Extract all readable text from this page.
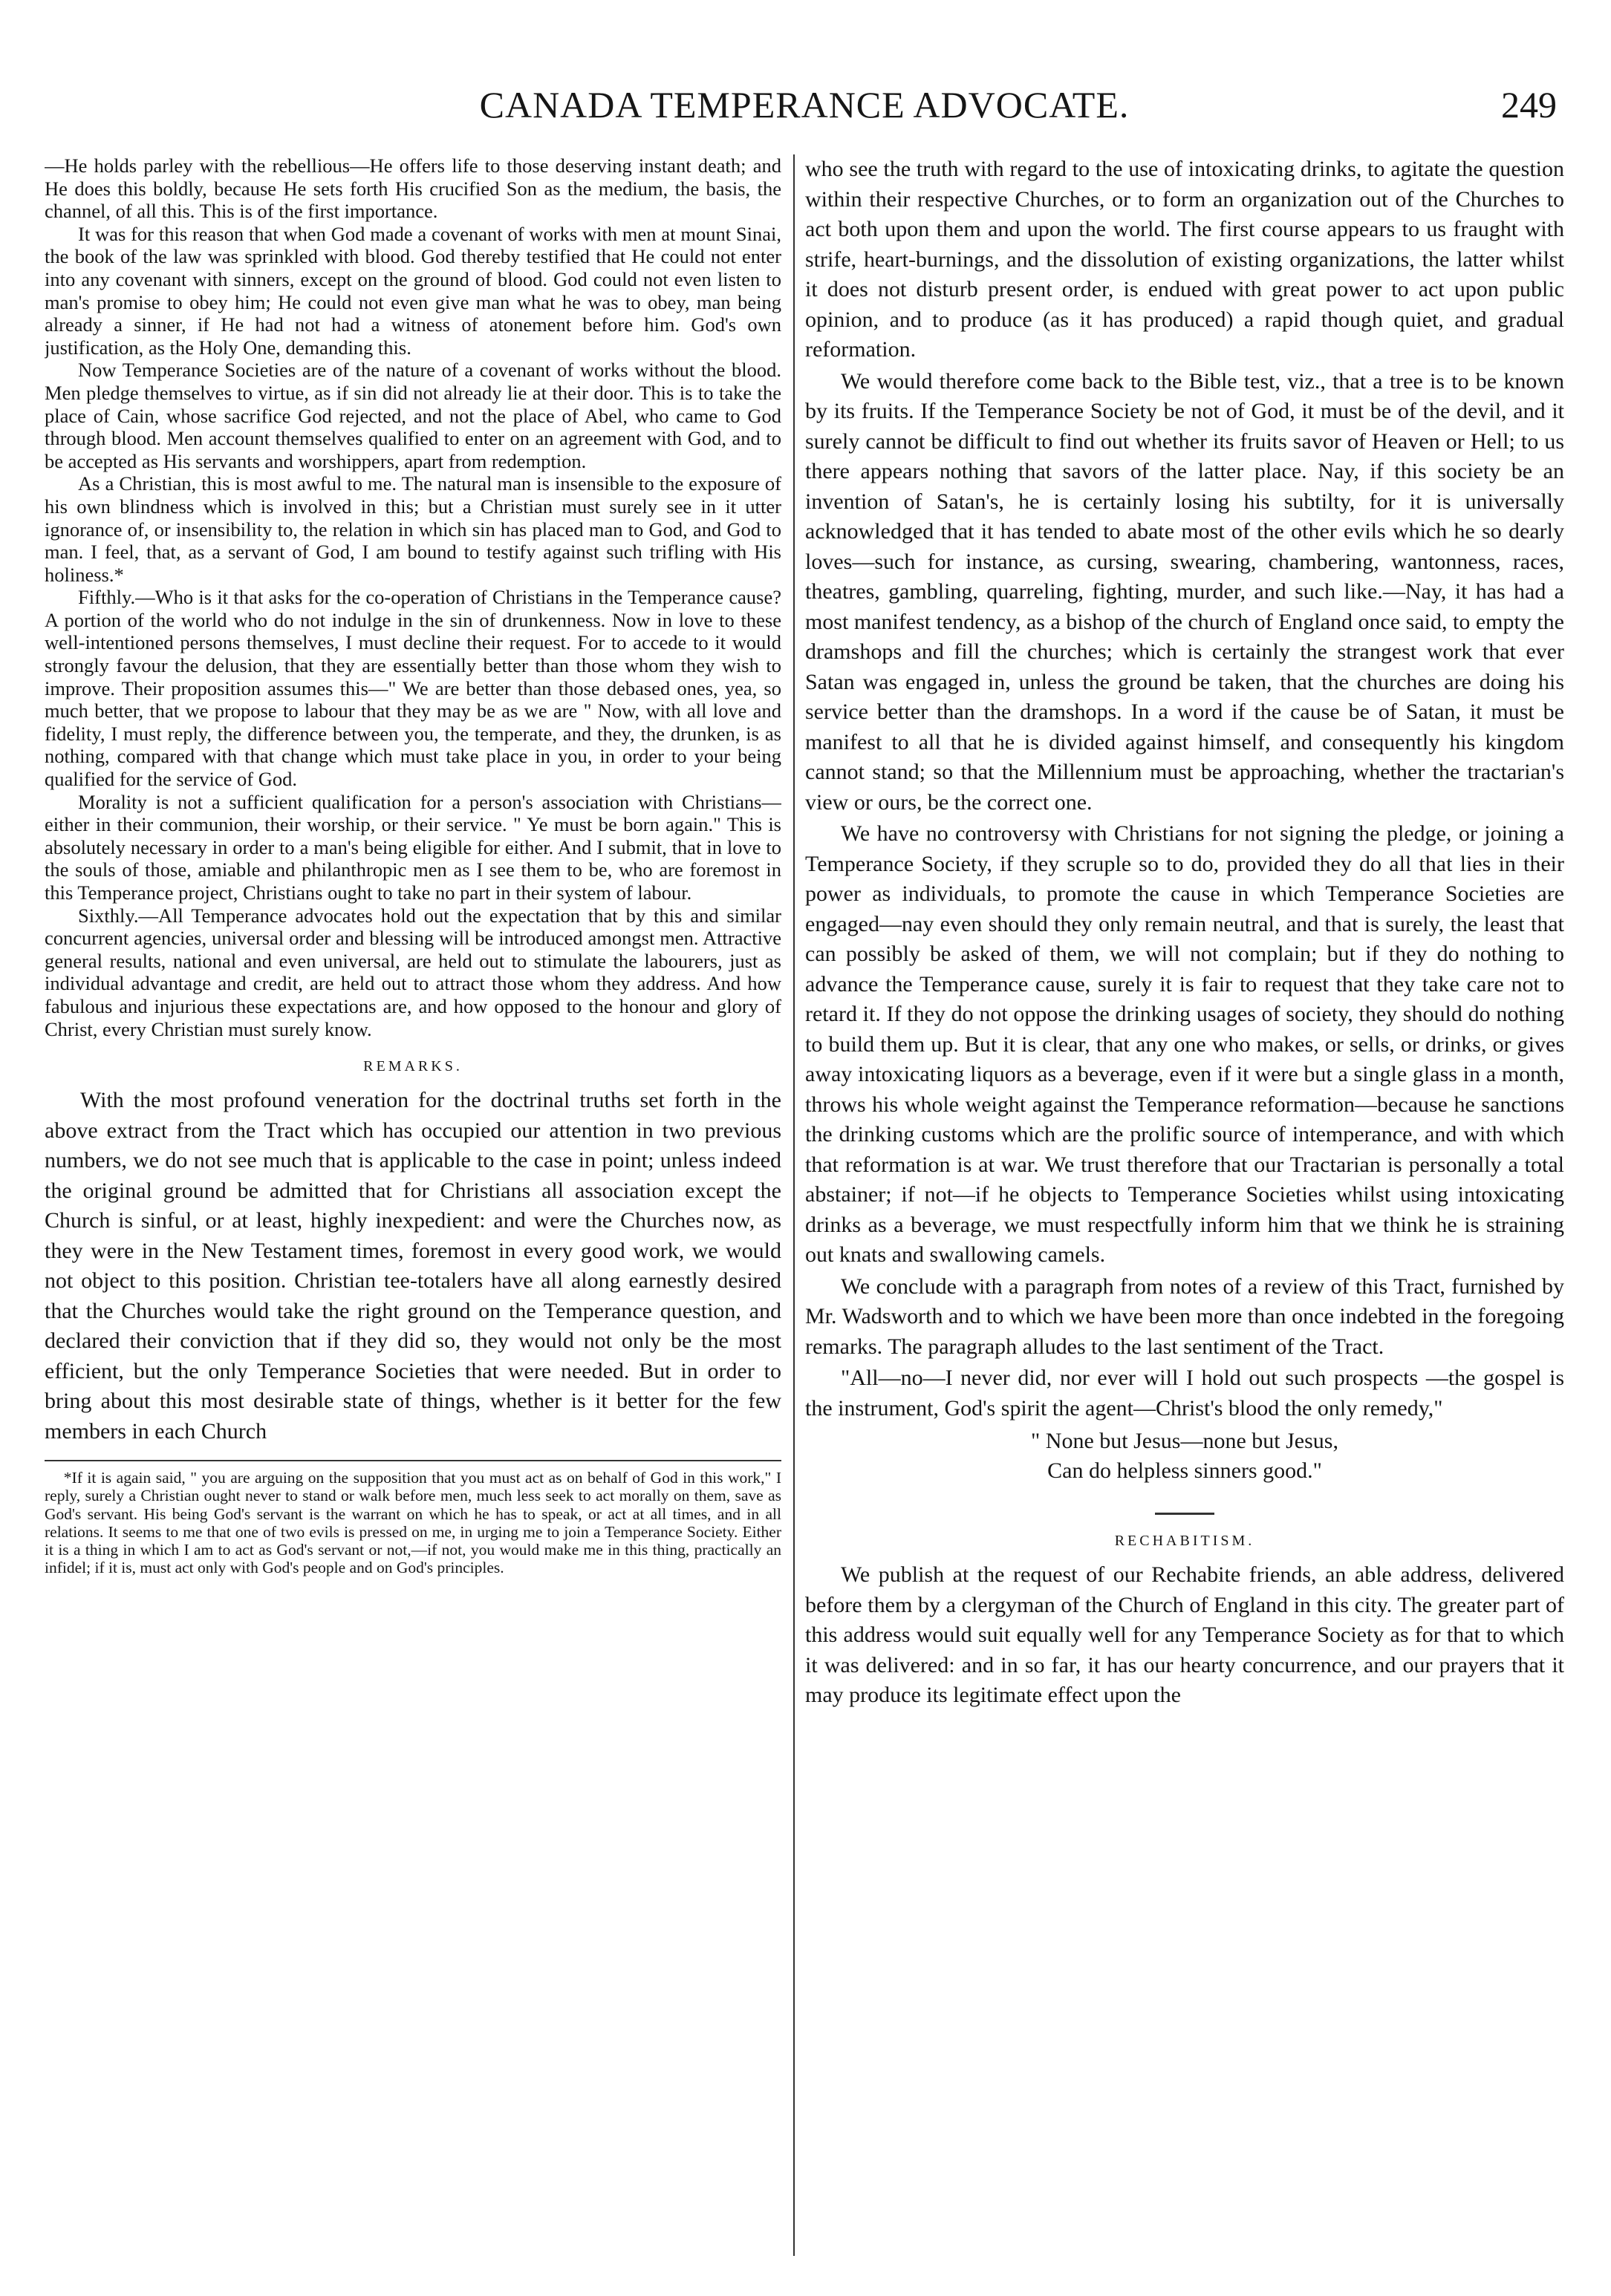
CANADA TEMPERANCE ADVOCATE.	249

—He holds parley with the rebellious—He offers life to those deserving instant death; and He does this boldly, because He sets forth His crucified Son as the medium, the basis, the channel, of all this. This is of the first importance.

It was for this reason that when God made a covenant of works with men at mount Sinai, the book of the law was sprinkled with blood. God thereby testified that He could not enter into any covenant with sinners, except on the ground of blood. God could not even listen to man's promise to obey him; He could not even give man what he was to obey, man being already a sinner, if He had not had a witness of atonement before him. God's own justification, as the Holy One, demanding this.

Now Temperance Societies are of the nature of a covenant of works without the blood. Men pledge themselves to virtue, as if sin did not already lie at their door. This is to take the place of Cain, whose sacrifice God rejected, and not the place of Abel, who came to God through blood. Men account themselves qualified to enter on an agreement with God, and to be accepted as His servants and worshippers, apart from redemption.

As a Christian, this is most awful to me. The natural man is insensible to the exposure of his own blindness which is involved in this; but a Christian must surely see in it utter ignorance of, or insensibility to, the relation in which sin has placed man to God, and God to man. I feel, that, as a servant of God, I am bound to testify against such trifling with His holiness.*

Fifthly.—Who is it that asks for the co-operation of Christians in the Temperance cause? A portion of the world who do not indulge in the sin of drunkenness. Now in love to these well-intentioned persons themselves, I must decline their request. For to accede to it would strongly favour the delusion, that they are essentially better than those whom they wish to improve. Their proposition assumes this—" We are better than those debased ones, yea, so much better, that we propose to labour that they may be as we are " Now, with all love and fidelity, I must reply, the difference between you, the temperate, and they, the drunken, is as nothing, compared with that change which must take place in you, in order to your being qualified for the service of God.

Morality is not a sufficient qualification for a person's association with Christians—either in their communion, their worship, or their service. " Ye must be born again." This is absolutely necessary in order to a man's being eligible for either. And I submit, that in love to the souls of those, amiable and philanthropic men as I see them to be, who are foremost in this Temperance project, Christians ought to take no part in their system of labour.

Sixthly.—All Temperance advocates hold out the expectation that by this and similar concurrent agencies, universal order and blessing will be introduced amongst men. Attractive general results, national and even universal, are held out to stimulate the labourers, just as individual advantage and credit, are held out to attract those whom they address. And how fabulous and injurious these expectations are, and how opposed to the honour and glory of Christ, every Christian must surely know.

REMARKS.

With the most profound veneration for the doctrinal truths set forth in the above extract from the Tract which has occupied our attention in two previous numbers, we do not see much that is applicable to the case in point; unless indeed the original ground be admitted that for Christians all association except the Church is sinful, or at least, highly inexpedient: and were the Churches now, as they were in the New Testament times, foremost in every good work, we would not object to this position. Christian tee-totalers have all along earnestly desired that the Churches would take the right ground on the Temperance question, and declared their conviction that if they did so, they would not only be the most efficient, but the only Temperance Societies that were needed. But in order to bring about this most desirable state of things, whether is it better for the few members in each Church

*If it is again said, " you are arguing on the supposition that you must act as on behalf of God in this work," I reply, surely a Christian ought never to stand or walk before men, much less seek to act morally on them, save as God's servant. His being God's servant is the warrant on which he has to speak, or act at all times, and in all relations. It seems to me that one of two evils is pressed on me, in urging me to join a Temperance Society. Either it is a thing in which I am to act as God's servant or not,—if not, you would make me in this thing, practically an infidel; if it is, must act only with God's people and on God's principles.

who see the truth with regard to the use of intoxicating drinks, to agitate the question within their respective Churches, or to form an organization out of the Churches to act both upon them and upon the world. The first course appears to us fraught with strife, heart-burnings, and the dissolution of existing organizations, the latter whilst it does not disturb present order, is endued with great power to act upon public opinion, and to produce (as it has produced) a rapid though quiet, and gradual reformation.

We would therefore come back to the Bible test, viz., that a tree is to be known by its fruits. If the Temperance Society be not of God, it must be of the devil, and it surely cannot be difficult to find out whether its fruits savor of Heaven or Hell; to us there appears nothing that savors of the latter place. Nay, if this society be an invention of Satan's, he is certainly losing his subtilty, for it is universally acknowledged that it has tended to abate most of the other evils which he so dearly loves—such for instance, as cursing, swearing, chambering, wantonness, races, theatres, gambling, quarreling, fighting, murder, and such like.—Nay, it has had a most manifest tendency, as a bishop of the church of England once said, to empty the dramshops and fill the churches; which is certainly the strangest work that ever Satan was engaged in, unless the ground be taken, that the churches are doing his service better than the dramshops. In a word if the cause be of Satan, it must be manifest to all that he is divided against himself, and consequently his kingdom cannot stand; so that the Millennium must be approaching, whether the tractarian's view or ours, be the correct one.

We have no controversy with Christians for not signing the pledge, or joining a Temperance Society, if they scruple so to do, provided they do all that lies in their power as individuals, to promote the cause in which Temperance Societies are engaged—nay even should they only remain neutral, and that is surely, the least that can possibly be asked of them, we will not complain; but if they do nothing to advance the Temperance cause, surely it is fair to request that they take care not to retard it. If they do not oppose the drinking usages of society, they should do nothing to build them up. But it is clear, that any one who makes, or sells, or drinks, or gives away intoxicating liquors as a beverage, even if it were but a single glass in a month, throws his whole weight against the Temperance reformation—because he sanctions the drinking customs which are the prolific source of intemperance, and with which that reformation is at war. We trust therefore that our Tractarian is personally a total abstainer; if not—if he objects to Temperance Societies whilst using intoxicating drinks as a beverage, we must respectfully inform him that we think he is straining out knats and swallowing camels.

We conclude with a paragraph from notes of a review of this Tract, furnished by Mr. Wadsworth and to which we have been more than once indebted in the foregoing remarks. The paragraph alludes to the last sentiment of the Tract.

"All—no—I never did, nor ever will I hold out such prospects —the gospel is the instrument, God's spirit the agent—Christ's blood the only remedy,"

" None but Jesus—none but Jesus,
Can do helpless sinners good."
RECHABITISM.

We publish at the request of our Rechabite friends, an able address, delivered before them by a clergyman of the Church of England in this city. The greater part of this address would suit equally well for any Temperance Society as for that to which it was delivered: and in so far, it has our hearty concurrence, and our prayers that it may produce its legitimate effect upon the
